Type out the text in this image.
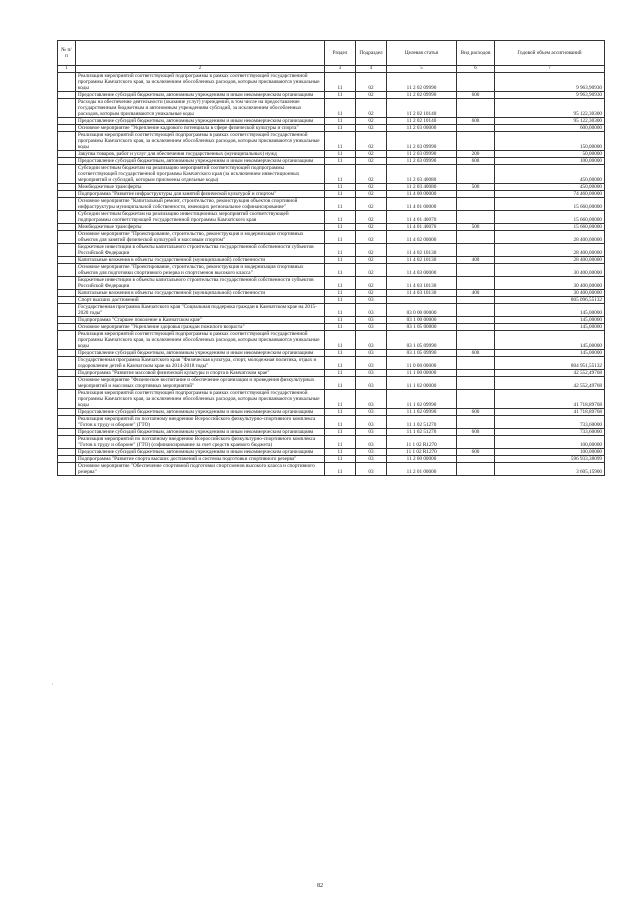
№ п/п		Раздел	Подраздел	Целевая статья	Вид расходов	Годовой объем ассигнований
1	2	3	4	5	6	7
	Реализация мероприятий соответствующей подпрограммы в рамках соответствующей государственной программы Камчатского края, за исключением обособленных расходов, которым присваиваются уникальные коды	11	02	11 2 02 09990		9 963,90930
	Предоставление субсидий бюджетным, автономным учреждениям и иным некоммерческим организациям	11	02	11 2 02 09990	600	9 963,90930
	Расходы на обеспечение деятельности (оказание услуг) учреждений, в том числе на предоставление государственным бюджетным и автономным учреждениям субсидий, за исключением обособленных расходов, которым присваиваются уникальные коды	11	02	11 2 02 10140		95 122,30300
	Предоставление субсидий бюджетным, автономным учреждениям и иным некоммерческим организациям	11	02	11 2 02 10140	600	95 122,30300
	Основное мероприятие "Укрепление кадрового потенциала в сфере физической культуры и спорта"	11	02	11 2 03 00000		600,00000
	Реализация мероприятий соответствующей подпрограммы в рамках соответствующей государственной программы Камчатского края, за исключением обособленных расходов, которым присваиваются уникальные коды	11	02	11 2 03 09990		150,00000
	Закупка товаров, работ и услуг для обеспечения государственных (муниципальных) нужд	11	02	11 2 03 09990	200	50,00000
	Предоставление субсидий бюджетным, автономным учреждениям и иным некоммерческим организациям	11	02	11 2 03 09990	600	100,00000
	Субсидии местным бюджетам на реализацию мероприятий соответствующей подпрограммы соответствующей государственной программы Камчатского края (за исключением инвестиционных мероприятий и субсидий, которым присвоены отдельные коды)	11	02	11 2 03 40080		450,00000
	Межбюджетные трансферты	11	02	11 2 03 40080	500	450,00000
	Подпрограмма "Развитие инфраструктуры для занятий физической культурой и спортом"	11	02	11 4 00 00000		74 460,00000
	Основное мероприятие "Капитальный ремонт, строительство, реконструкция объектов спортивной инфраструктуры муниципальной собственности, имеющих региональное софинансирование"	11	02	11 4 01 00000		15 660,00000
	Субсидии местным бюджетам на реализацию инвестиционных мероприятий соответствующей подпрограммы соответствующей государственной программы Камчатского края	11	02	11 4 01 40070		15 660,00000
	Межбюджетные трансферты	11	02	11 4 01 40070	500	15 660,00000
	Основное мероприятие "Проектирование, строительство, реконструкция и модернизация спортивных объектов для занятий физической культурой и массовым спортом"	11	02	11 4 02 00000		28 400,00000
	Бюджетные инвестиции в объекты капитального строительства государственной собственности субъектов Российской Федерации	11	02	11 4 02 10130		28 400,00000
	Капитальные вложения в объекты государственной (муниципальной) собственности	11	02	11 4 02 10130	400	28 400,00000
	Основное мероприятие "Проектирование, строительство, реконструкция и модернизация спортивных объектов для подготовки спортивного резерва и спортсменов высокого класса"	11	02	11 4 03 00000		30 400,00000
	Бюджетные инвестиции в объекты капитального строительства государственной собственности субъектов Российской Федерации	11	02	11 4 03 10130		30 400,00000
	Капитальные вложения в объекты государственной (муниципальной) собственности	11	02	11 4 03 10130	400	30 400,00000
	Спорт высших достижений	11	03			805 096,55132
	Государственная программа Камчатского края "Социальная поддержка граждан в Камчатском крае на 2015-2020 годы"	11	03	03 0 00 00000		145,00000
	Подпрограмма "Старшее поколение в Камчатском крае"	11	03	03 1 00 00000		145,00000
	Основное мероприятие "Укрепление здоровья граждан пожилого возраста"	11	03	03 1 05 00000		145,00000
	Реализация мероприятий соответствующей подпрограммы в рамках соответствующей государственной программы Камчатского края, за исключением обособленных расходов, которым присваиваются уникальные коды	11	03	03 1 05 09990		145,00000
	Предоставление субсидий бюджетным, автономным учреждениям и иным некоммерческим организациям	11	03	03 1 05 09990	600	145,00000
	Государственная программа Камчатского края "Физическая культура, спорт, молодежная политика, отдых и оздоровление детей в Камчатском крае на 2014-2018 годы"	11	03	11 0 00 00000		804 951,55132
	Подпрограмма "Развитие массовой физической культуры и спорта в Камчатском крае"	11	03	11 1 00 00000		42 552,49768
	Основное мероприятие "Физическое воспитание и обеспечение организации и проведения физкультурных мероприятий и массовых спортивных мероприятий"	11	03	11 1 02 00000		42 552,49768
	Реализация мероприятий соответствующей подпрограммы в рамках соответствующей государственной программы Камчатского края, за исключением обособленных расходов, которым присваиваются уникальные коды	11	03	11 1 02 09990		41 718,89768
	Предоставление субсидий бюджетным, автономным учреждениям и иным некоммерческим организациям	11	03	11 1 02 09990	600	41 718,89768
	Реализация мероприятий по поэтапному внедрению Всероссийского физкультурно-спортивного комплекса "Готов к труду и обороне" (ГТО)	11	03	11 1 02 51270		733,60000
	Предоставление субсидий бюджетным, автономным учреждениям и иным некоммерческим организациям	11	03	11 1 02 51270	600	733,60000
	Реализация мероприятий по поэтапному внедрению Всероссийского физкультурно-спортивного комплекса "Готов к труду и обороне" (ГТО) (софинансирование за счет средств краевого бюджета)	11	03	11 1 02 R1270		100,00000
	Предоставление субсидий бюджетным, автономным учреждениям и иным некоммерческим организациям	11	03	11 1 02 R1270	600	100,00000
	Подпрограмма "Развитие спорта высших достижений и системы подготовки спортивного резерва"	11	03	11 2 00 00000		596 933,38099
	Основное мероприятие "Обеспечение спортивной подготовки спортсменов высокого класса и спортивного резерва"	11	03	11 2 01 00000		3 605,15900
'
82
